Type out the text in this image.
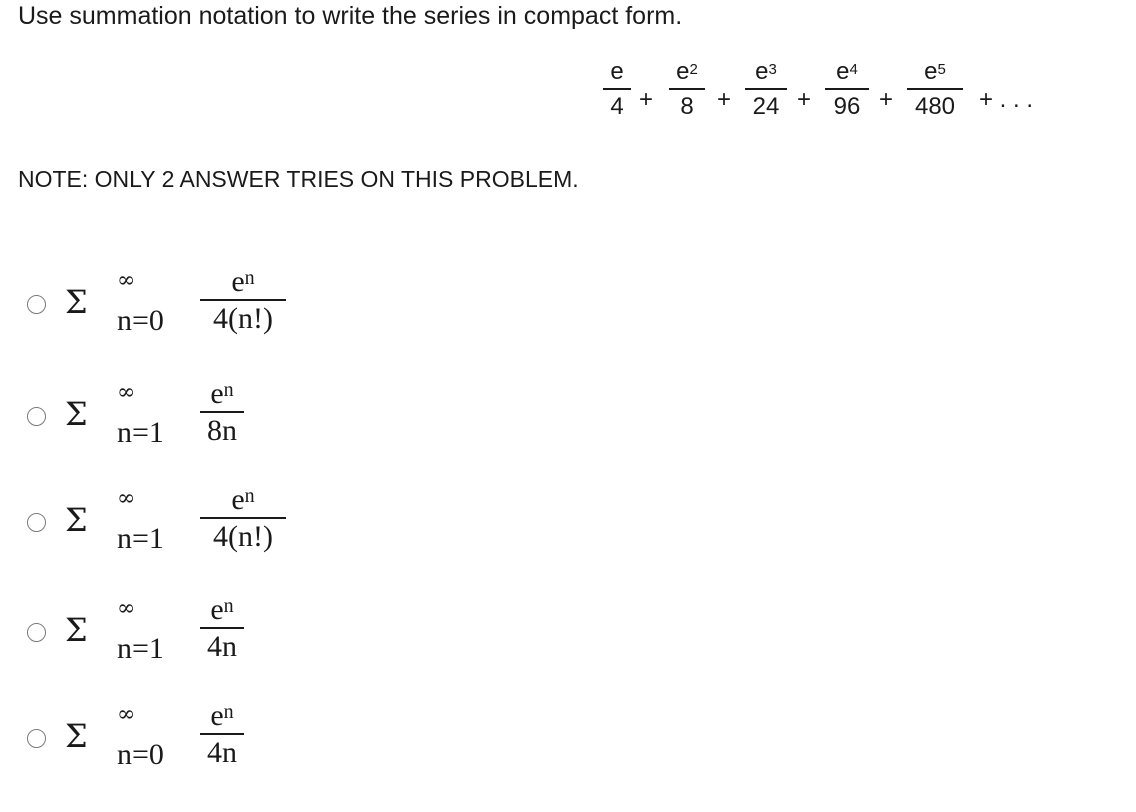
Use summation notation to write the series in compact form.
e
4 +
$e^2$
8 +
$e^3$
24 +
$e^4$
96 +
$e^5$
480 + . . .
NOTE: ONLY 2 ANSWER TRIES ON THIS PROBLEM.
Σ
∞
n=0
$e^n$
4(n!)
Σ
∞
n=1
$e^n$
8n
Σ
∞
n=1
$e^n$
4(n!)
Σ
∞
n=1
$e^n$
4n
Σ
∞
n=0
$e^n$
4n
